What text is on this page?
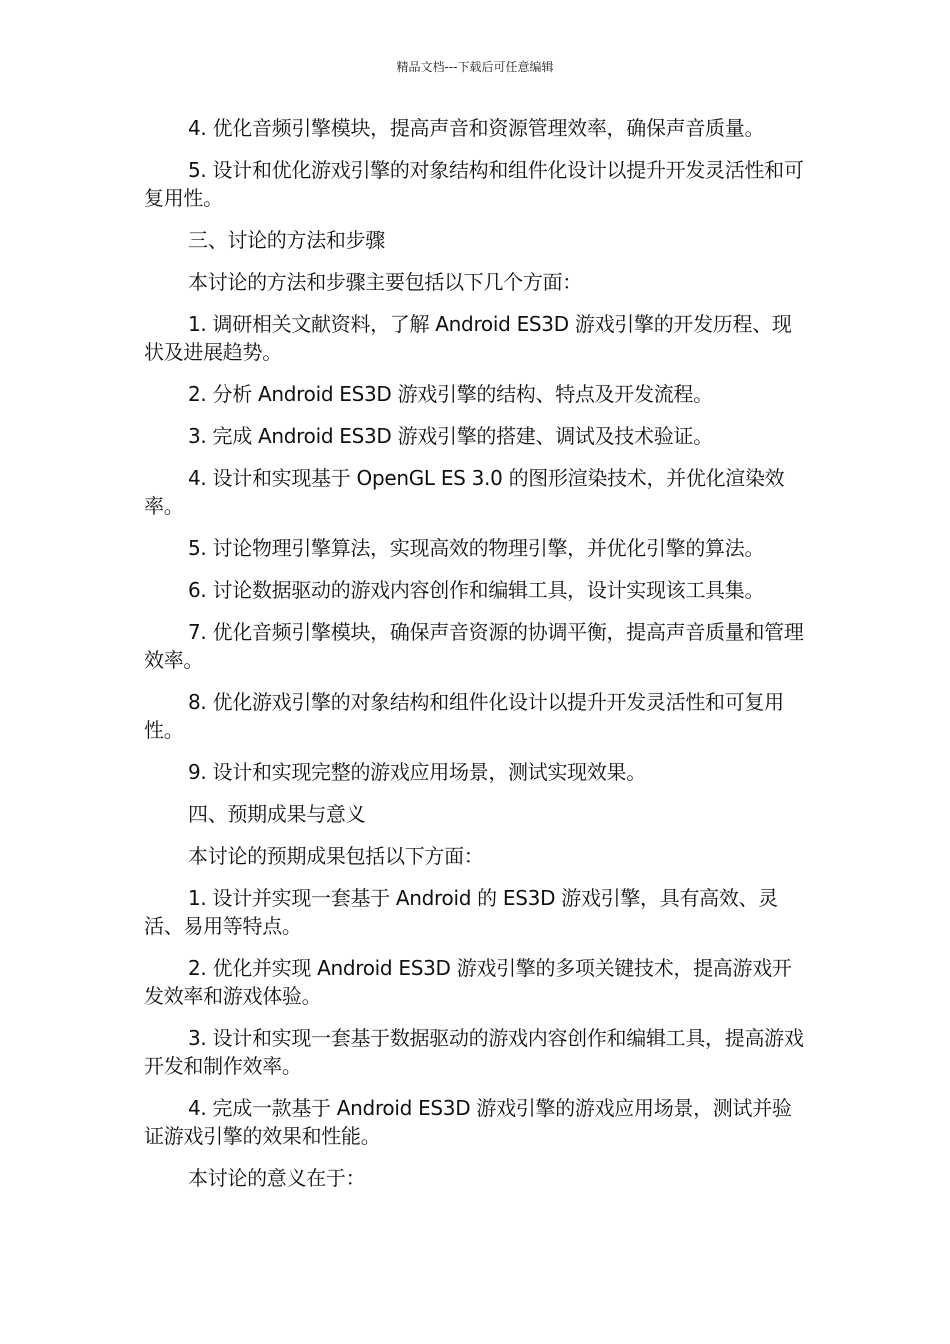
精品文档---下载后可任意编辑

4. 优化音频引擎模块，提高声音和资源管理效率，确保声音质量。

5. 设计和优化游戏引擎的对象结构和组件化设计以提升开发灵活性和可复用性。

三、讨论的方法和步骤

本讨论的方法和步骤主要包括以下几个方面：

1. 调研相关文献资料，了解 Android ES3D 游戏引擎的开发历程、现状及进展趋势。

2. 分析 Android ES3D 游戏引擎的结构、特点及开发流程。

3. 完成 Android ES3D 游戏引擎的搭建、调试及技术验证。

4. 设计和实现基于 OpenGL ES 3.0 的图形渲染技术，并优化渲染效率。

5. 讨论物理引擎算法，实现高效的物理引擎，并优化引擎的算法。

6. 讨论数据驱动的游戏内容创作和编辑工具，设计实现该工具集。

7. 优化音频引擎模块，确保声音资源的协调平衡，提高声音质量和管理效率。

8. 优化游戏引擎的对象结构和组件化设计以提升开发灵活性和可复用性。

9. 设计和实现完整的游戏应用场景，测试实现效果。

四、预期成果与意义

本讨论的预期成果包括以下方面：

1. 设计并实现一套基于 Android 的 ES3D 游戏引擎，具有高效、灵活、易用等特点。

2. 优化并实现 Android ES3D 游戏引擎的多项关键技术，提高游戏开发效率和游戏体验。

3. 设计和实现一套基于数据驱动的游戏内容创作和编辑工具，提高游戏开发和制作效率。

4. 完成一款基于 Android ES3D 游戏引擎的游戏应用场景，测试并验证游戏引擎的效果和性能。

本讨论的意义在于：
